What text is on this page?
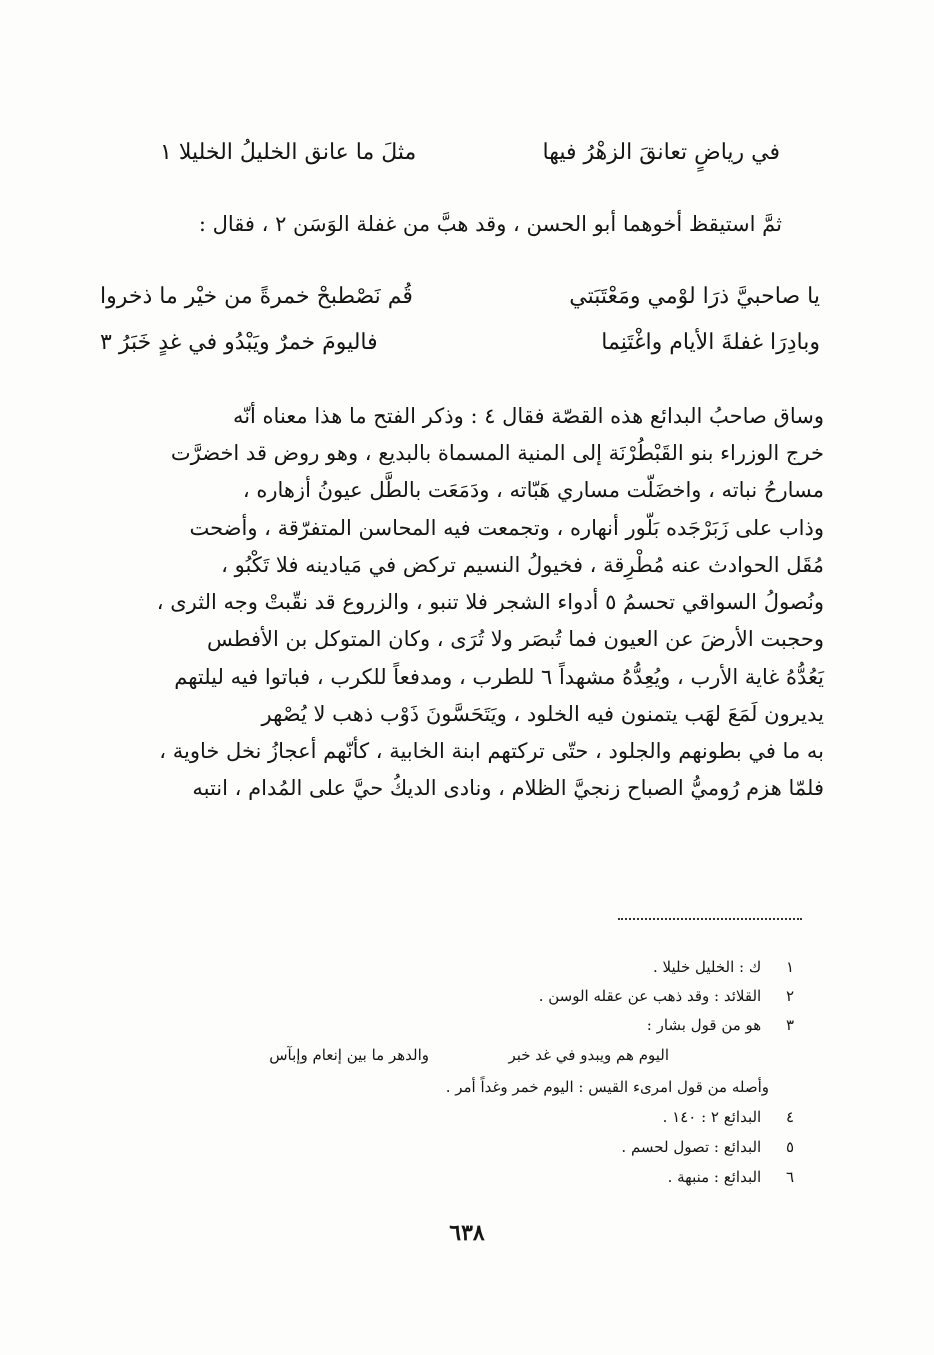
في رياضٍ تعانقَ الزهْرُ فيها
مثلَ ما عانق الخليلُ الخليلا ١
ثمَّ استيقظ أخوهما أبو الحسن ، وقد هبَّ من غفلة الوَسَن ٢ ، فقال :
يا صاحبيَّ ذرَا لوْمي ومَعْتَبَتي
قُم نَصْطبحْ خمرةً من خيْر ما ذخروا
وبادِرَا غفلةَ الأيام واغْتَنِما
فاليومَ خمرٌ ويَبْدُو في غدٍ خَبَرُ ٣
وساق صاحبُ البدائع هذه القصّة فقال ٤ : وذكر الفتح ما هذا معناه أنّه
خرج الوزراء بنو القَبْطُرْنَة إلى المنية المسماة بالبديع ، وهو روض قد اخضرَّت
مسارحُ نباته ، واخضَلّت مساري هَبّاته ، ودَمَعَت بالطَّل عيونُ أزهاره ،
وذاب على زَبَرْجَده بَلّور أنهاره ، وتجمعت فيه المحاسن المتفرّقة ، وأضحت
مُقَل الحوادث عنه مُطْرِقة ، فخيولُ النسيم تركض في مَيادينه فلا تَكْبُو ،
ونُصولُ السواقي تحسمُ ٥ أدواء الشجر فلا تنبو ، والزروع قد نقّبتْ وجه الثرى ،
وحجبت الأرضَ عن العيون فما تُبصَر ولا تُرَى ، وكان المتوكل بن الأفطس
يَعُدُّهُ غاية الأرب ، ويُعِدُّهُ مشهداً ٦ للطرب ، ومدفعاً للكرب ، فباتوا فيه ليلتهم
يديرون لَمَعَ لهَب يتمنون فيه الخلود ، ويَتَحَسَّونَ ذَوْب ذهب لا يُصْهر
به ما في بطونهم والجلود ، حتّى تركتهم ابنة الخابية ، كأنّهم أعجازُ نخل خاوية ،
فلمّا هزم رُوميُّ الصباح زنجيَّ الظلام ، ونادى الديكُ حيَّ على المُدام ، انتبه
١ ك : الخليل خليلا .
٢ القلائد : وقد ذهب عن عقله الوسن .
٣ هو من قول بشار :
اليوم هم ويبدو في غد خبر
والدهر ما بين إنعام وإبآس
وأصله من قول امرىء القيس : اليوم خمر وغداً أمر .
٤ البدائع ٢ : ١٤٠ .
٥ البدائع : تصول لحسم .
٦ البدائع : منبهة .
٦٣٨
